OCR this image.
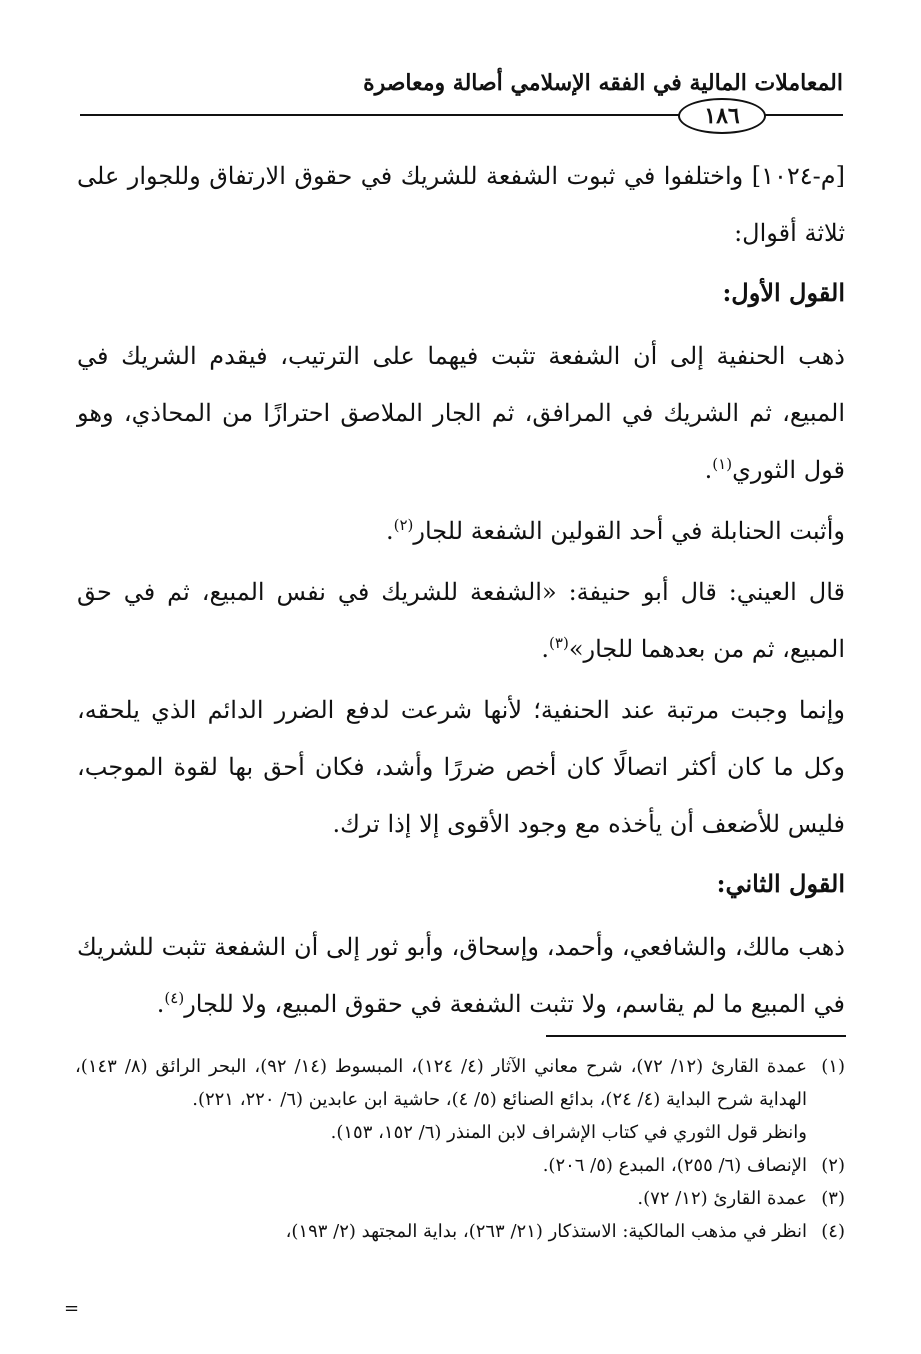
المعاملات المالية في الفقه الإسلامي أصالة ومعاصرة
١٨٦

[م-١٠٢٤] واختلفوا في ثبوت الشفعة للشريك في حقوق الارتفاق وللجوار على ثلاثة أقوال:

القول الأول:

ذهب الحنفية إلى أن الشفعة تثبت فيهما على الترتيب، فيقدم الشريك في المبيع، ثم الشريك في المرافق، ثم الجار الملاصق احترازًا من المحاذي، وهو قول الثوري$^{(١)}$.

وأثبت الحنابلة في أحد القولين الشفعة للجار$^{(٢)}$.

قال العيني: قال أبو حنيفة: «الشفعة للشريك في نفس المبيع، ثم في حق المبيع، ثم من بعدهما للجار»$^{(٣)}$.

وإنما وجبت مرتبة عند الحنفية؛ لأنها شرعت لدفع الضرر الدائم الذي يلحقه، وكل ما كان أكثر اتصالًا كان أخص ضررًا وأشد، فكان أحق بها لقوة الموجب، فليس للأضعف أن يأخذه مع وجود الأقوى إلا إذا ترك.

القول الثاني:

ذهب مالك، والشافعي، وأحمد، وإسحاق، وأبو ثور إلى أن الشفعة تثبت للشريك في المبيع ما لم يقاسم، ولا تثبت الشفعة في حقوق المبيع، ولا للجار$^{(٤)}$.

(١)
عمدة القارئ (١٢/ ٧٢)، شرح معاني الآثار (٤/ ١٢٤)، المبسوط (١٤/ ٩٢)، البحر الرائق (٨/ ١٤٣)، الهداية شرح البداية (٤/ ٢٤)، بدائع الصنائع (٥/ ٤)، حاشية ابن عابدين (٦/ ٢٢٠، ٢٢١).
وانظر قول الثوري في كتاب الإشراف لابن المنذر (٦/ ١٥٢، ١٥٣).
(٢)
الإنصاف (٦/ ٢٥٥)، المبدع (٥/ ٢٠٦).
(٣)
عمدة القارئ (١٢/ ٧٢).
(٤)
انظر في مذهب المالكية: الاستذكار (٢١/ ٢٦٣)، بداية المجتهد (٢/ ١٩٣)،
=
